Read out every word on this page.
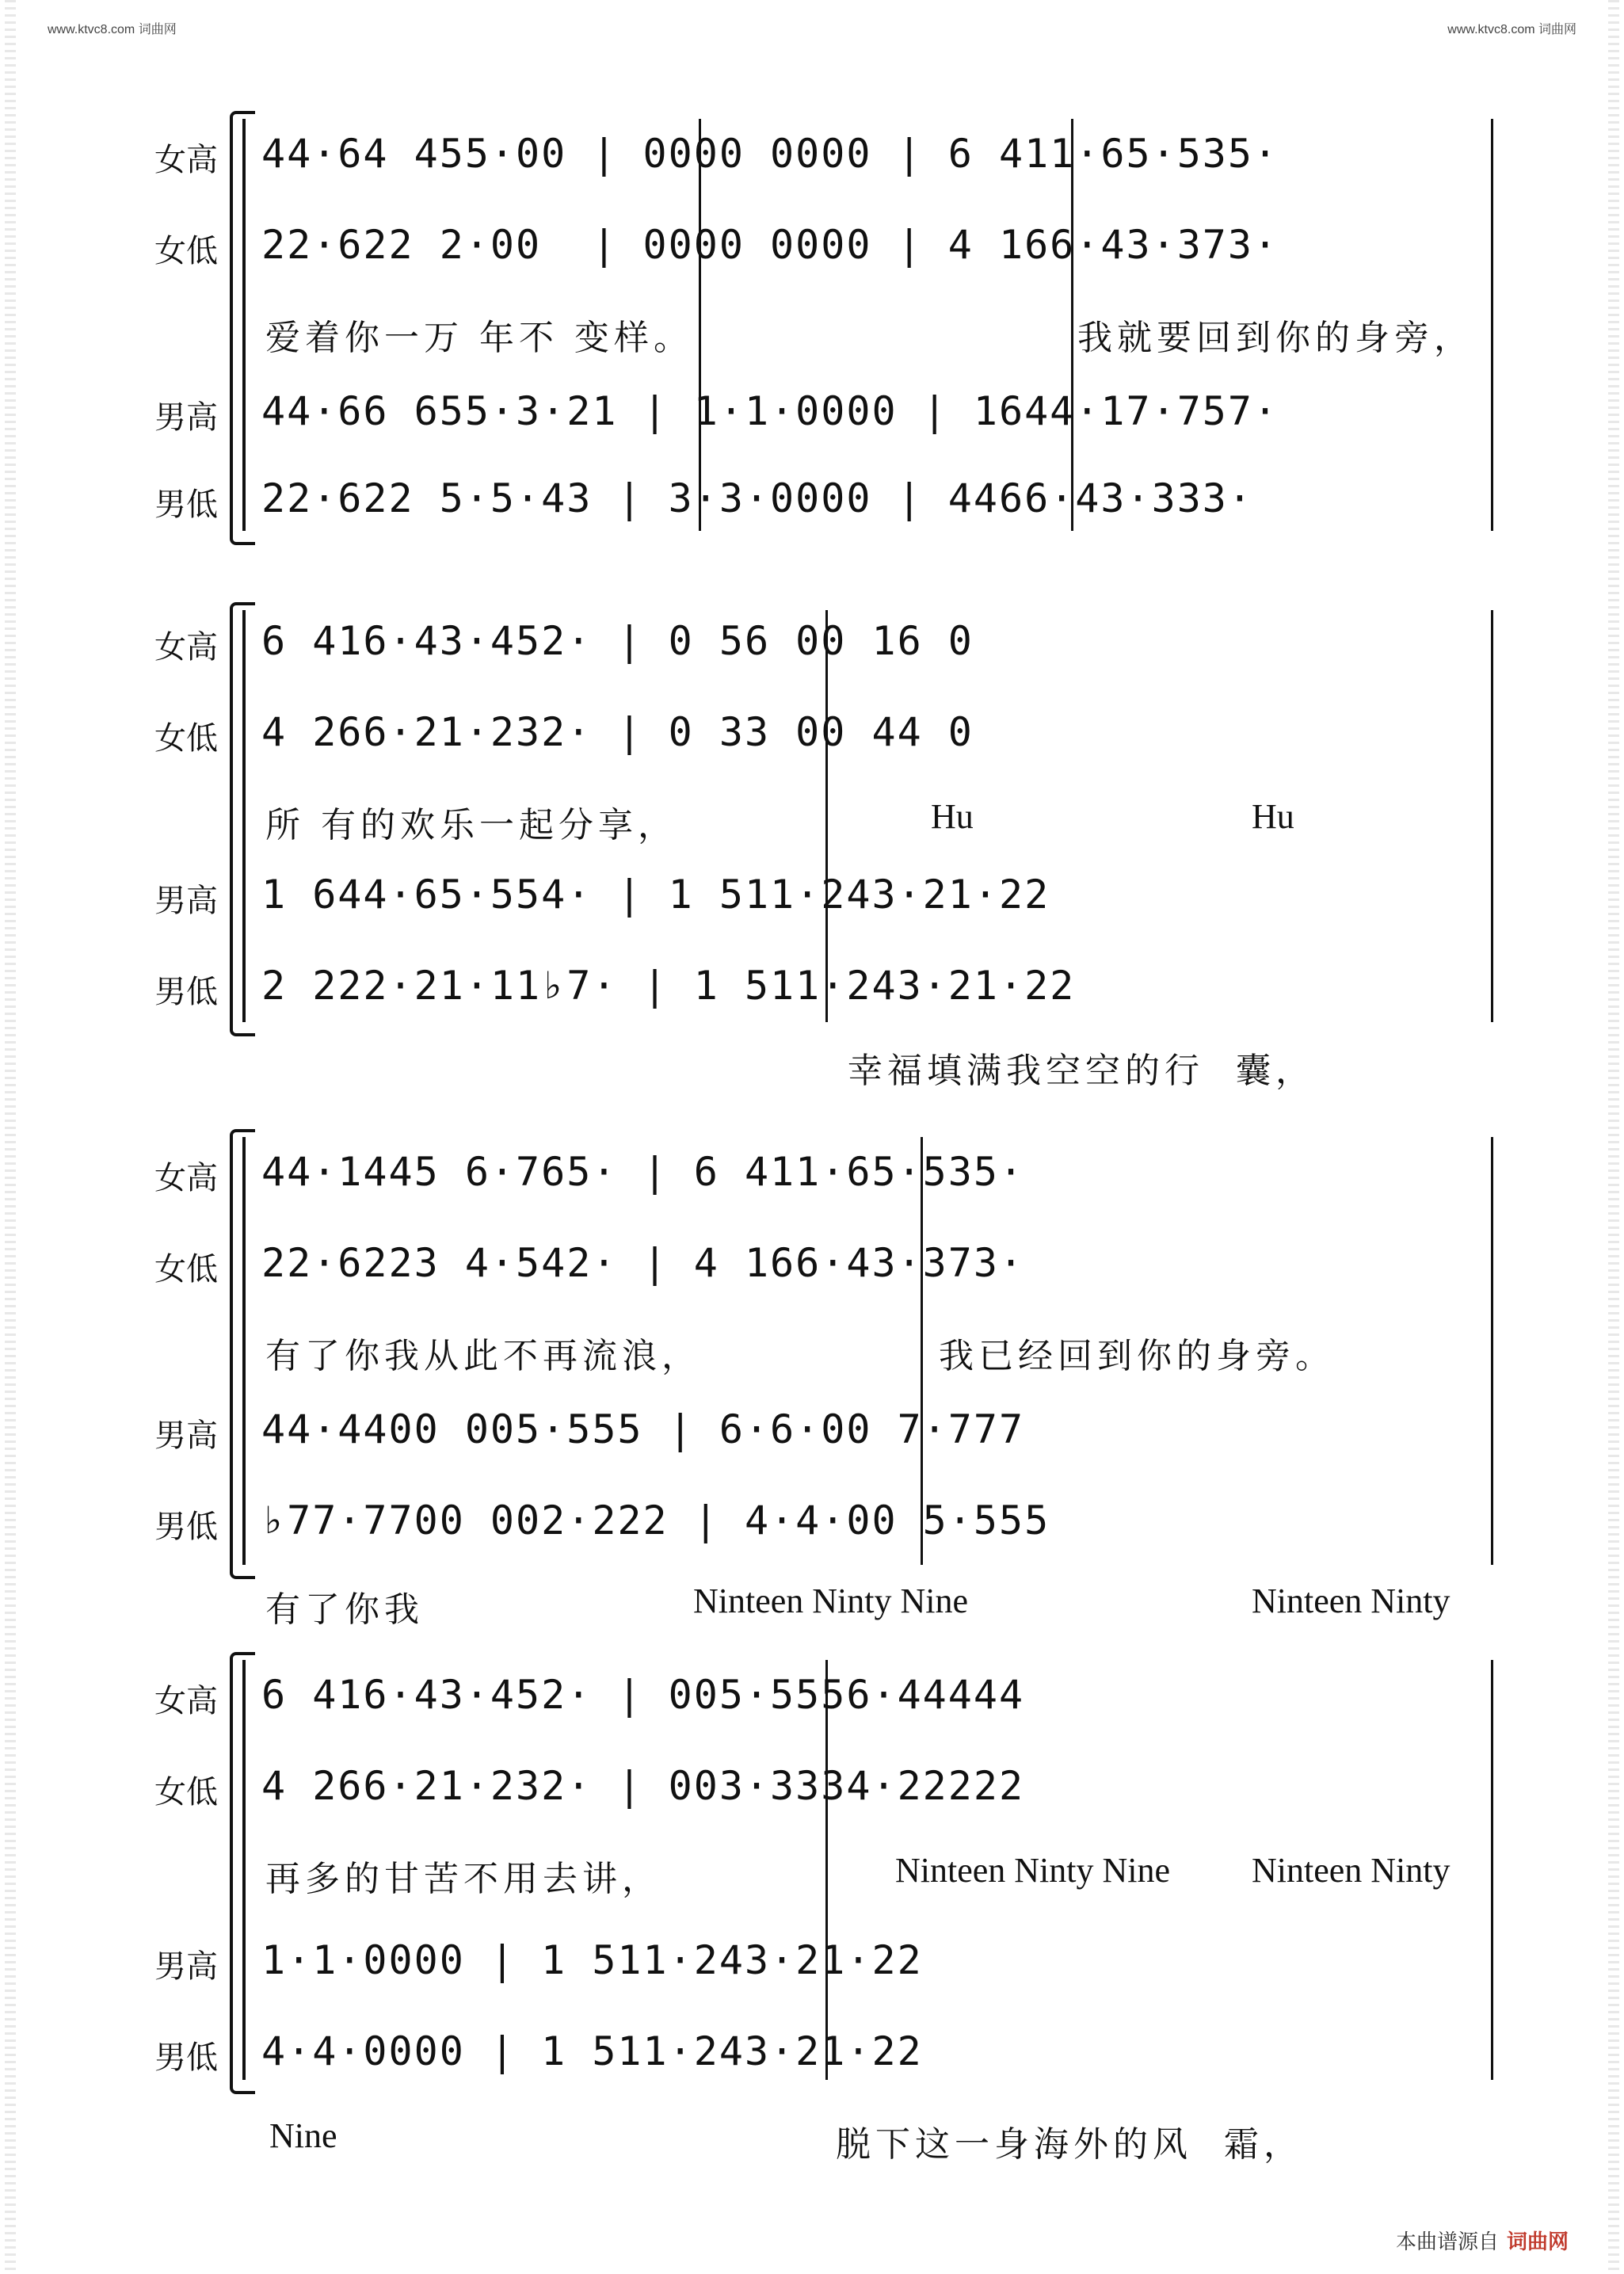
www.ktvc8.com 词曲网	www.ktvc8.com 词曲网
女高 44·64 455·00 | 0000 0000 | 6 411·65·535·
女低 22·622 2·00  | 0000 0000 | 4 166·43·373·
爱着你一万 年不 变样。	我就要回到你的身旁，
男高 44·66 655·3·21 | 1·1·0000 | 1644·17·757·
男低 22·622 5·5·43 | 3·3·0000 | 4466·43·333·
女高 6 416·43·452· | 0 56 00 16 0
女低 4 266·21·232· | 0 33 00 44 0
所 有的欢乐一起分享，	Hu	Hu
男高 1 644·65·554· | 1 511·243·21·22
男低 2 222·21·11♭7· | 1 511·243·21·22
幸福填满我空空的行  囊，
女高 44·1445 6·765· | 6 411·65·535·
女低 22·6223 4·542· | 4 166·43·373·
有了你我从此不再流浪，	我已经回到你的身旁。
男高 44·4400 005·555 | 6·6·00 7·777
男低 ♭77·7700 002·222 | 4·4·00 5·555
有了你我	Ninteen Ninty Nine	Ninteen Ninty
女高 6 416·43·452· | 005·5556·44444
女低 4 266·21·232· | 003·3334·22222
再多的甘苦不用去讲，	Ninteen Ninty Nine Ninteen Ninty
男高 1·1·0000 | 1 511·243·21·22
男低 4·4·0000 | 1 511·243·21·22
Nine	脱下这一身海外的风  霜，
本曲谱源自 词曲网
